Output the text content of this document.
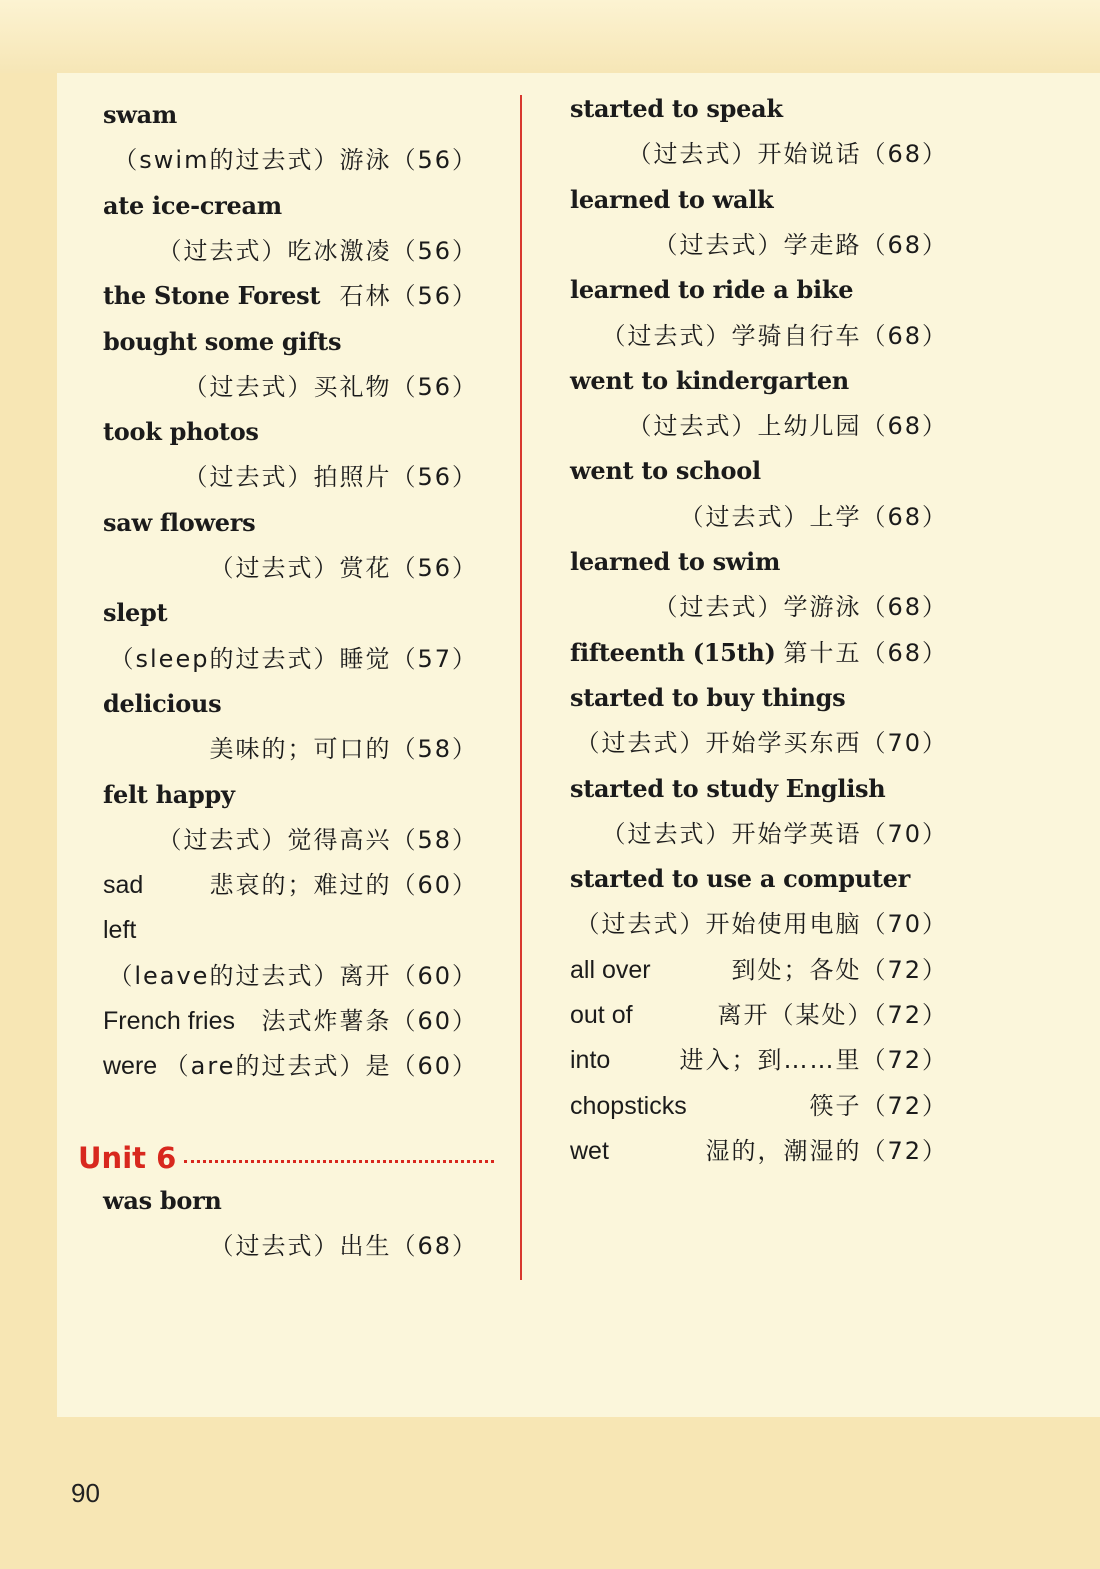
swam
（swim的过去式）游泳（56）
ate ice-cream
（过去式）吃冰激凌（56）
the Stone Forest 石林（56）
bought some gifts
（过去式）买礼物（56）
took photos
（过去式）拍照片（56）
saw flowers
（过去式）赏花（56）
slept
（sleep的过去式）睡觉（57）
delicious
美味的；可口的（58）
felt happy
（过去式）觉得高兴（58）
sad	悲哀的；难过的（60）
left
（leave的过去式）离开（60）
French fries	法式炸薯条（60）
were （are的过去式）是（60）
Unit 6
was born
（过去式）出生（68）
started to speak
（过去式）开始说话（68）
learned to walk
（过去式）学走路（68）
learned to ride a bike
（过去式）学骑自行车（68）
went to kindergarten
（过去式）上幼儿园（68）
went to school
（过去式）上学（68）
learned to swim
（过去式）学游泳（68）
fifteenth (15th) 第十五（68）
started to buy things
（过去式）开始学买东西（70）
started to study English
（过去式）开始学英语（70）
started to use a computer
（过去式）开始使用电脑（70）
all over	到处；各处（72）
out of	离开（某处）（72）
into	进入；到……里（72）
chopsticks	筷子（72）
wet	湿的，潮湿的（72）
90
